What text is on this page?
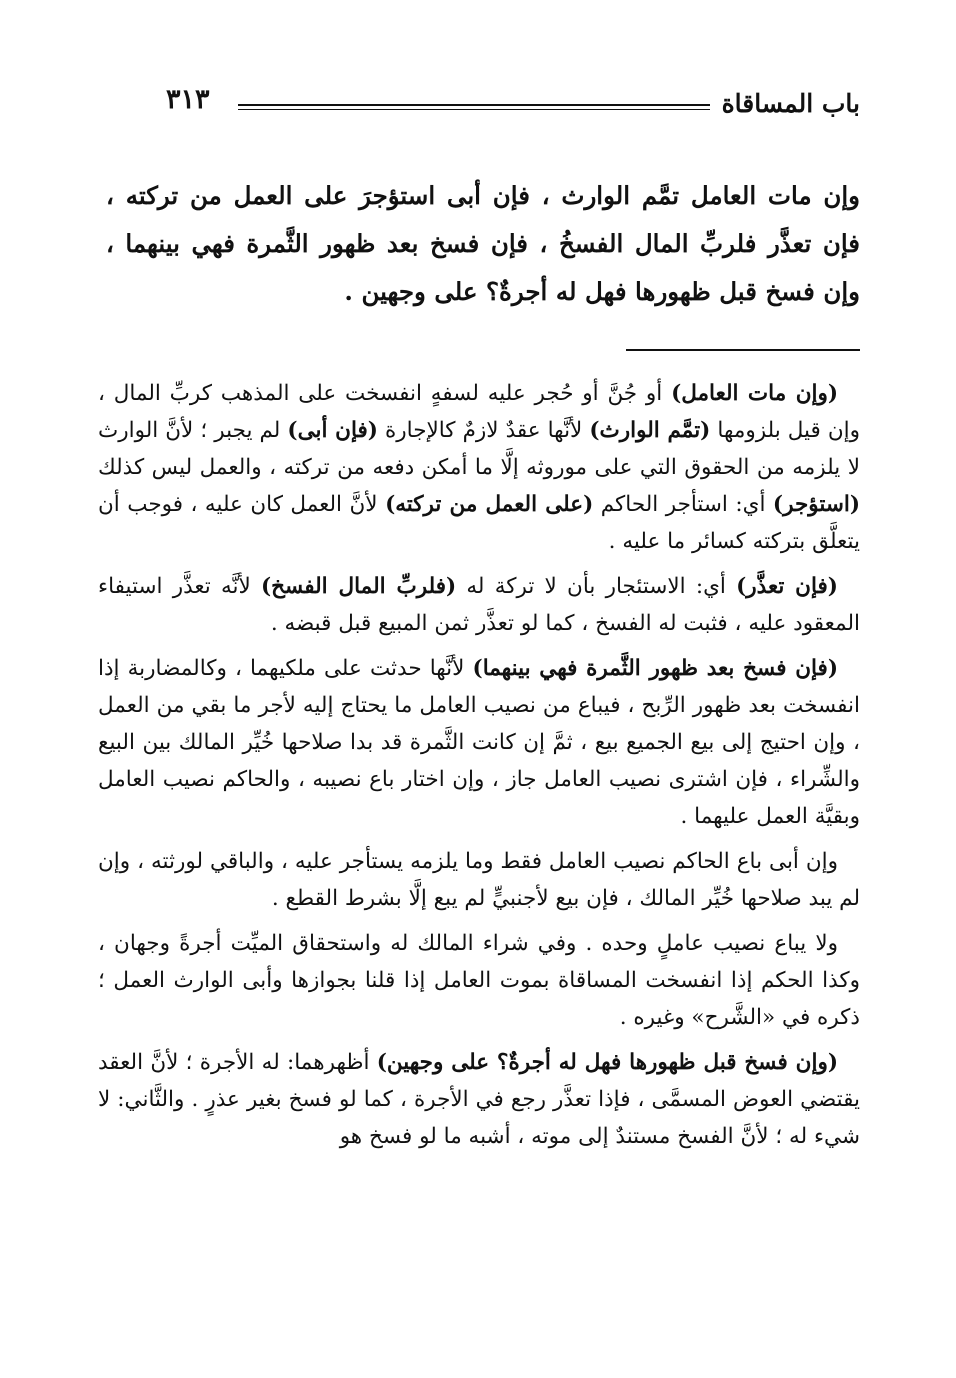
باب المساقاة
٣١٣
وإن مات العامل تمَّم الوارث ، فإن أبى استؤجرَ على العمل من تركته ، فإن تعذَّر فلربِّ المال الفسخُ ، فإن فسخ بعد ظهور الثَّمرة فهي بينهما ، وإن فسخ قبل ظهورها فهل له أجرةٌ؟ على وجهين .

(وإن مات العامل) أو جُنَّ أو حُجر عليه لسفهٍ انفسخت على المذهب كربِّ المال ، وإن قيل بلزومها (تمَّم الوارث) لأنَّها عقدٌ لازمٌ كالإجارة (فإن أبى) لم يجبر ؛ لأنَّ الوارث لا يلزمه من الحقوق التي على موروثه إلَّا ما أمكن دفعه من تركته ، والعمل ليس كذلك (استؤجر) أي: استأجر الحاكم (على العمل من تركته) لأنَّ العمل كان عليه ، فوجب أن يتعلَّق بتركته كسائر ما عليه .

(فإن تعذَّر) أي: الاستئجار بأن لا تركة له (فلربِّ المال الفسخ) لأنَّه تعذَّر استيفاء المعقود عليه ، فثبت له الفسخ ، كما لو تعذَّر ثمن المبيع قبل قبضه .

(فإن فسخ بعد ظهور الثَّمرة فهي بينهما) لأنَّها حدثت على ملكيهما ، وكالمضاربة إذا انفسخت بعد ظهور الرِّبح ، فيباع من نصيب العامل ما يحتاج إليه لأجر ما بقي من العمل ، وإن احتيج إلى بيع الجميع بيع ، ثمَّ إن كانت الثَّمرة قد بدا صلاحها خُيِّر المالك بين البيع والشِّراء ، فإن اشترى نصيب العامل جاز ، وإن اختار باع نصيبه ، والحاكم نصيب العامل وبقيَّة العمل عليهما .

وإن أبى باع الحاكم نصيب العامل فقط وما يلزمه يستأجر عليه ، والباقي لورثته ، وإن لم يبد صلاحها خُيِّر المالك ، فإن بيع لأجنبيٍّ لم يبع إلَّا بشرط القطع .

ولا يباع نصيب عاملٍ وحده . وفي شراء المالك له واستحقاق الميِّت أجرةً وجهان ، وكذا الحكم إذا انفسخت المساقاة بموت العامل إذا قلنا بجوازها وأبى الوارث العمل ؛ ذكره في «الشَّرح» وغيره .

(وإن فسخ قبل ظهورها فهل له أجرةٌ؟ على وجهين) أظهرهما: له الأجرة ؛ لأنَّ العقد يقتضي العوض المسمَّى ، فإذا تعذَّر رجع في الأجرة ، كما لو فسخ بغير عذرٍ . والثَّاني: لا شيء له ؛ لأنَّ الفسخ مستندٌ إلى موته ، أشبه ما لو فسخ هو
